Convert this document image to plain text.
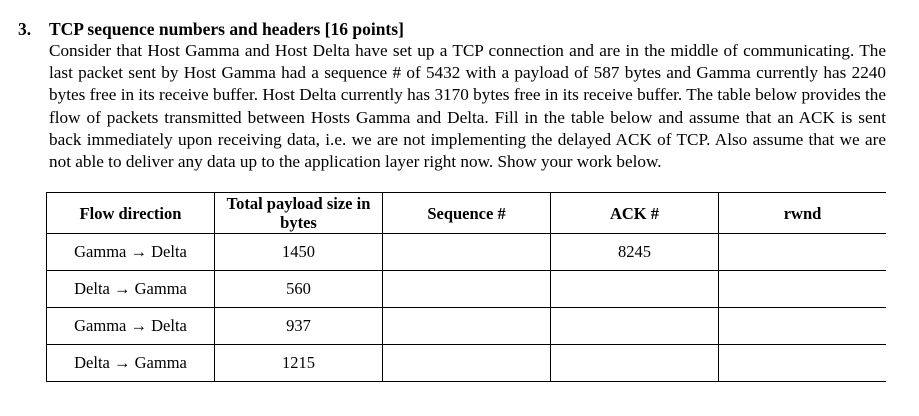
3.	TCP sequence numbers and headers [16 points]
Consider that Host Gamma and Host Delta have set up a TCP connection and are in the middle of communicating. The last packet sent by Host Gamma had a sequence # of 5432 with a payload of 587 bytes and Gamma currently has 2240 bytes free in its receive buffer. Host Delta currently has 3170 bytes free in its receive buffer. The table below provides the flow of packets transmitted between Hosts Gamma and Delta. Fill in the table below and assume that an ACK is sent back immediately upon receiving data, i.e. we are not implementing the delayed ACK of TCP. Also assume that we are not able to deliver any data up to the application layer right now. Show your work below.
Flow direction	Total payload size in bytes	Sequence #	ACK #	rwnd
Gamma → Delta	1450		8245	
Delta → Gamma	560			
Gamma → Delta	937			
Delta → Gamma	1215			
